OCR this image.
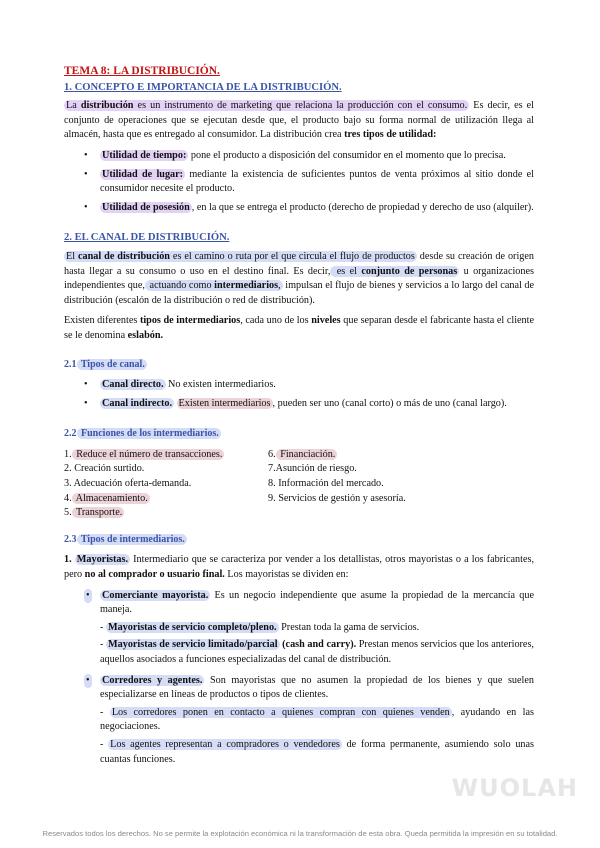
TEMA 8: LA DISTRIBUCIÓN.
1. CONCEPTO E IMPORTANCIA DE LA DISTRIBUCIÓN.

La distribución es un instrumento de marketing que relaciona la producción con el consumo. Es decir, es el conjunto de operaciones que se ejecutan desde que, el producto bajo su forma normal de utilización llega al almacén, hasta que es entregado al consumidor. La distribución crea tres tipos de utilidad:

• Utilidad de tiempo: pone el producto a disposición del consumidor en el momento que lo precisa.
• Utilidad de lugar: mediante la existencia de suficientes puntos de venta próximos al sitio donde el consumidor necesite el producto.
• Utilidad de posesión , en la que se entrega el producto (derecho de propiedad y derecho de uso (alquiler).
2. EL CANAL DE DISTRIBUCIÓN.

El canal de distribución es el camino o ruta por el que circula el flujo de productos desde su creación de origen hasta llegar a su consumo o uso en el destino final. Es decir, es el conjunto de personas u organizaciones independientes que, actuando como intermediarios, impulsan el flujo de bienes y servicios a lo largo del canal de distribución (escalón de la distribución o red de distribución).

Existen diferentes tipos de intermediarios, cada uno de los niveles que separan desde el fabricante hasta el cliente se le denomina eslabón.

2.1 Tipos de canal.
• Canal directo. No existen intermediarios.
• Canal indirecto. Existen intermediarios , pueden ser uno (canal corto) o más de uno (canal largo).
2.2 Funciones de los intermediarios.
1. Reduce el número de transacciones.	6. Financiación.
2. Creación surtido.	7.Asunción de riesgo.
3. Adecuación oferta-demanda.	8. Información del mercado.
4. Almacenamiento.	9. Servicios de gestión y asesoría.
5. Transporte.
2.3 Tipos de intermediarios.

1. Mayoristas. Intermediario que se caracteriza por vender a los detallistas, otros mayoristas o a los fabricantes, pero no al comprador o usuario final. Los mayoristas se dividen en:

• Comerciante mayorista. Es un negocio independiente que asume la propiedad de la mercancía que maneja.
- Mayoristas de servicio completo/pleno. Prestan toda la gama de servicios.
- Mayoristas de servicio limitado/parcial (cash and carry). Prestan menos servicios que los anteriores, aquellos asociados a funciones especializadas del canal de distribución.
• Corredores y agentes. Son mayoristas que no asumen la propiedad de los bienes y que suelen especializarse en líneas de productos o tipos de clientes.
- Los corredores ponen en contacto a quienes compran con quienes venden , ayudando en las negociaciones.
- Los agentes representan a compradores o vendedores de forma permanente, asumiendo solo unas cuantas funciones.
WUOLAH
Reservados todos los derechos. No se permite la explotación económica ni la transformación de esta obra. Queda permitida la impresión en su totalidad.
